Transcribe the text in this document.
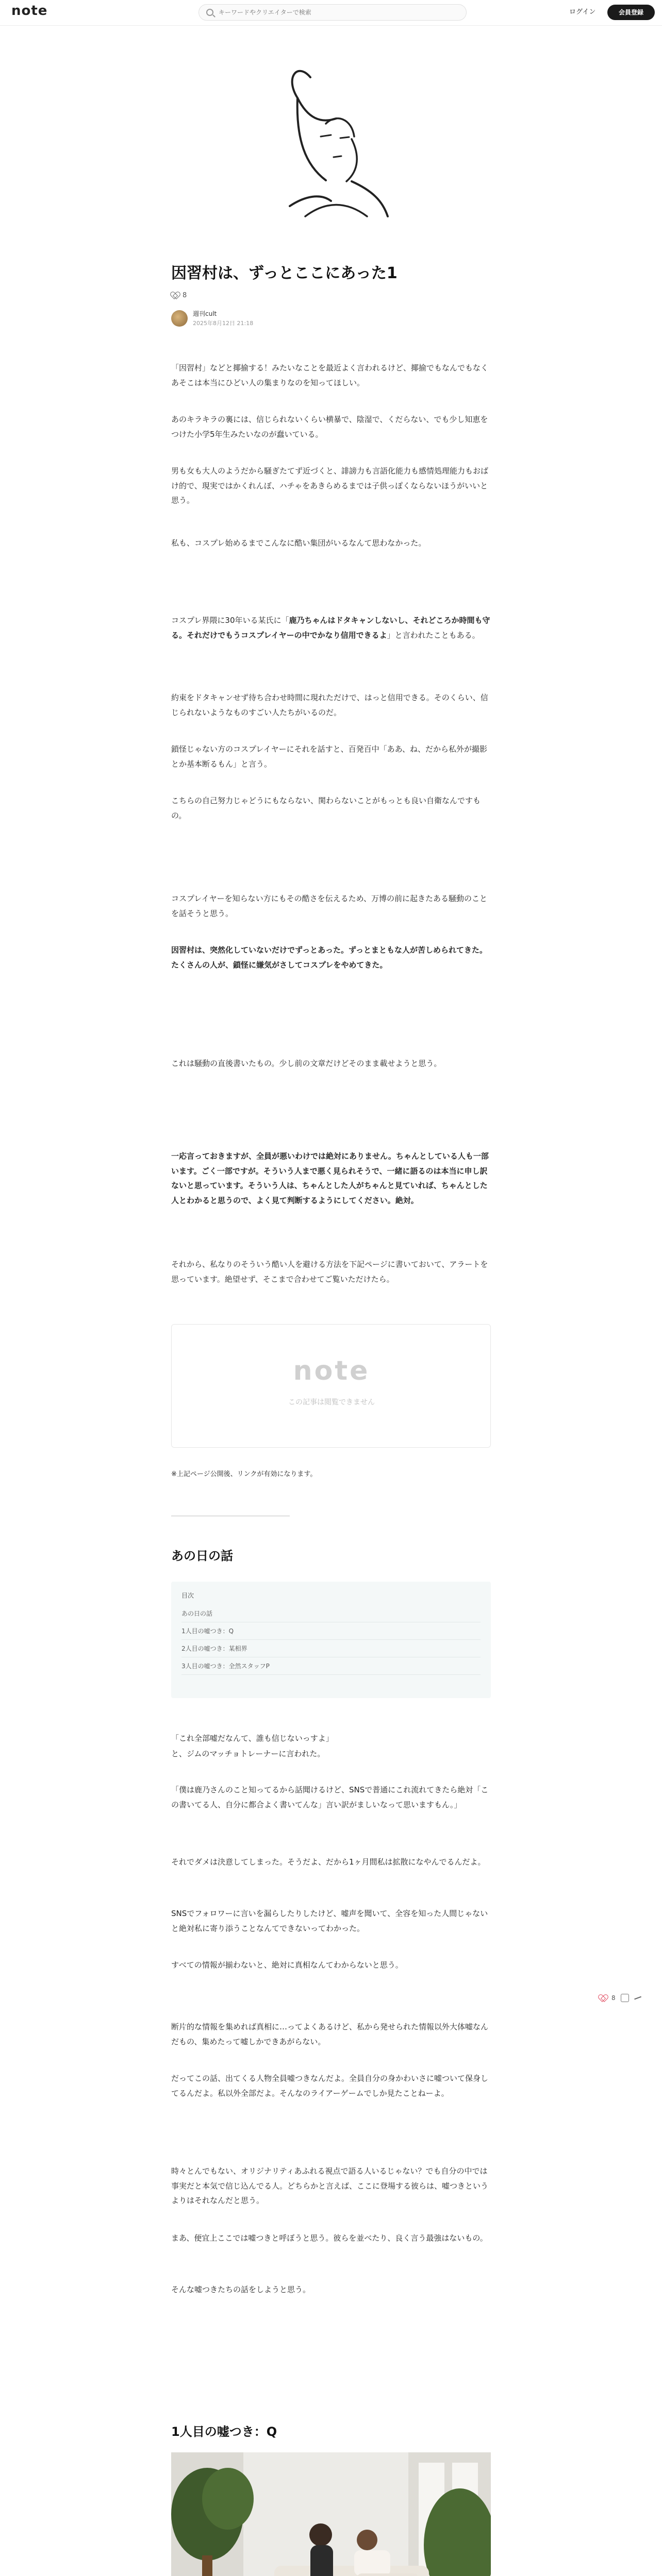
note
キーワードやクリエイターで検索	ログイン	会員登録
因習村は、ずっとここにあった1
8
週刊cult
2025年8月12日 21:18

「因習村」などと揶揄する！みたいなことを最近よく言われるけど、揶揄でもなんでもなくあそこは本当にひどい人の集まりなのを知ってほしい。

あのキラキラの裏には、信じられないくらい横暴で、陰湿で、くだらない、でも少し知恵をつけた小学5年生みたいなのが蠢いている。

男も女も大人のようだから騒ぎたてず近づくと、誹謗力も言語化能力も感情処理能力もおばけ的で、現実ではかくれんぼ、ハチゃをあきらめるまでは子供っぽくならないほうがいいと思う。

私も、コスプレ始めるまでこんなに酷い集団がいるなんて思わなかった。

コスプレ界隈に30年いる某氏に「鹿乃ちゃんはドタキャンしないし、それどころか時間も守る。それだけでもうコスプレイヤーの中でかなり信用できるよ」と言われたこともある。

約束をドタキャンせず待ち合わせ時間に現れただけで、はっと信用できる。そのくらい、信じられないようなものすごい人たちがいるのだ。

鎖怪じゃない方のコスプレイヤーにそれを話すと、百発百中「ああ、ね、だから私外が撮影とか基本断るもん」と言う。

こちらの自己努力じゃどうにもならない、関わらないことがもっとも良い自衛なんですもの。

コスプレイヤーを知らない方にもその酷さを伝えるため、万博の前に起きたある騒動のことを話そうと思う。

因習村は、突然化していないだけでずっとあった。ずっとまともな人が苦しめられてきた。たくさんの人が、鎖怪に嫌気がさしてコスプレをやめてきた。

これは騒動の直後書いたもの。少し前の文章だけどそのまま載せようと思う。

一応言っておきますが、全員が悪いわけでは絶対にありません。ちゃんとしている人も一部います。ごく一部ですが。そういう人まで悪く見られそうで、一緒に語るのは本当に申し訳ないと思っています。そういう人は、ちゃんとした人がちゃんと見ていれば、ちゃんとした人とわかると思うので、よく見て判断するようにしてください。絶対。

それから、私なりのそういう酷い人を避ける方法を下記ページに書いておいて、アラートを思っています。絶望せず、そこまで合わせてご覧いただけたら。

note
この記事は閲覧できません

※上記ページ公開後、リンクが有効になります。

あの日の話
目次
あの日の話
1人目の嘘つき：Q
2人目の嘘つき：某相界
3人目の嘘つき：全然スタッフP

「これ全部嘘だなんて、誰も信じないっすよ」

と、ジムのマッチョトレーナーに言われた。

「僕は鹿乃さんのこと知ってるから話聞けるけど、SNSで普通にこれ流れてきたら絶対「この書いてる人、自分に都合よく書いてんな」言い訳がましいなって思いますもん。」

それでダメは決意してしまった。そうだよ、だから1ヶ月間私は拡散になやんでるんだよ。

SNSでフォロワーに言いを漏らしたりしたけど、嘘声を聞いて、全容を知った人間じゃないと絶対私に寄り添うことなんてできないってわかった。

すべての情報が揃わないと、絶対に真相なんてわからないと思う。

8

断片的な情報を集めれば真相に…ってよくあるけど、私から発せられた情報以外大体嘘なんだもの、集めたって嘘しかできあがらない。

だってこの話、出てくる人物全員嘘つきなんだよ。全員自分の身かわいさに嘘ついて保身してるんだよ。私以外全部だよ。そんなのライアーゲームでしか見たことねーよ。

時々とんでもない、オリジナリティあふれる視点で語る人いるじゃない？でも自分の中では事実だと本気で信じ込んでる人。どちらかと言えば、ここに登場する彼らは、嘘つきというよりはそれなんだと思う。

まあ、便宜上ここでは嘘つきと呼ぼうと思う。彼らを並べたり、良く言う最強はないもの。

そんな嘘つきたちの話をしようと思う。

1人目の嘘つき：Q
